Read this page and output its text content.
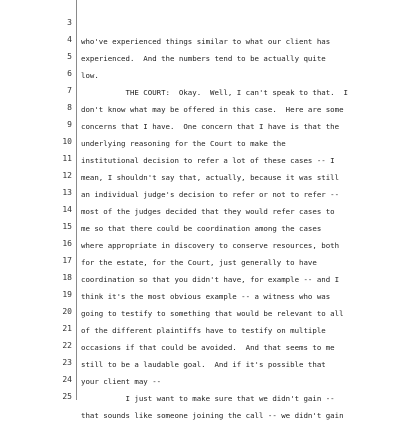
3

who've experienced things similar to what our client has

4

experienced.  And the numbers tend to be actually quite

5

low.

6

THE COURT:  Okay.  Well, I can't speak to that.  I

7

don't know what may be offered in this case.  Here are some

8

concerns that I have.  One concern that I have is that the

9

underlying reasoning for the Court to make the

10

institutional decision to refer a lot of these cases -- I

11

mean, I shouldn't say that, actually, because it was still

12

an individual judge's decision to refer or not to refer --

13

most of the judges decided that they would refer cases to

14

me so that there could be coordination among the cases

15

where appropriate in discovery to conserve resources, both

16

for the estate, for the Court, just generally to have

17

coordination so that you didn't have, for example -- and I

18

think it's the most obvious example -- a witness who was

19

going to testify to something that would be relevant to all

20

of the different plaintiffs have to testify on multiple

21

occasions if that could be avoided.  And that seems to me

22

still to be a laudable goal.  And if it's possible that

23

your client may --

24

I just want to make sure that we didn't gain --

25

that sounds like someone joining the call -- we didn't gain
